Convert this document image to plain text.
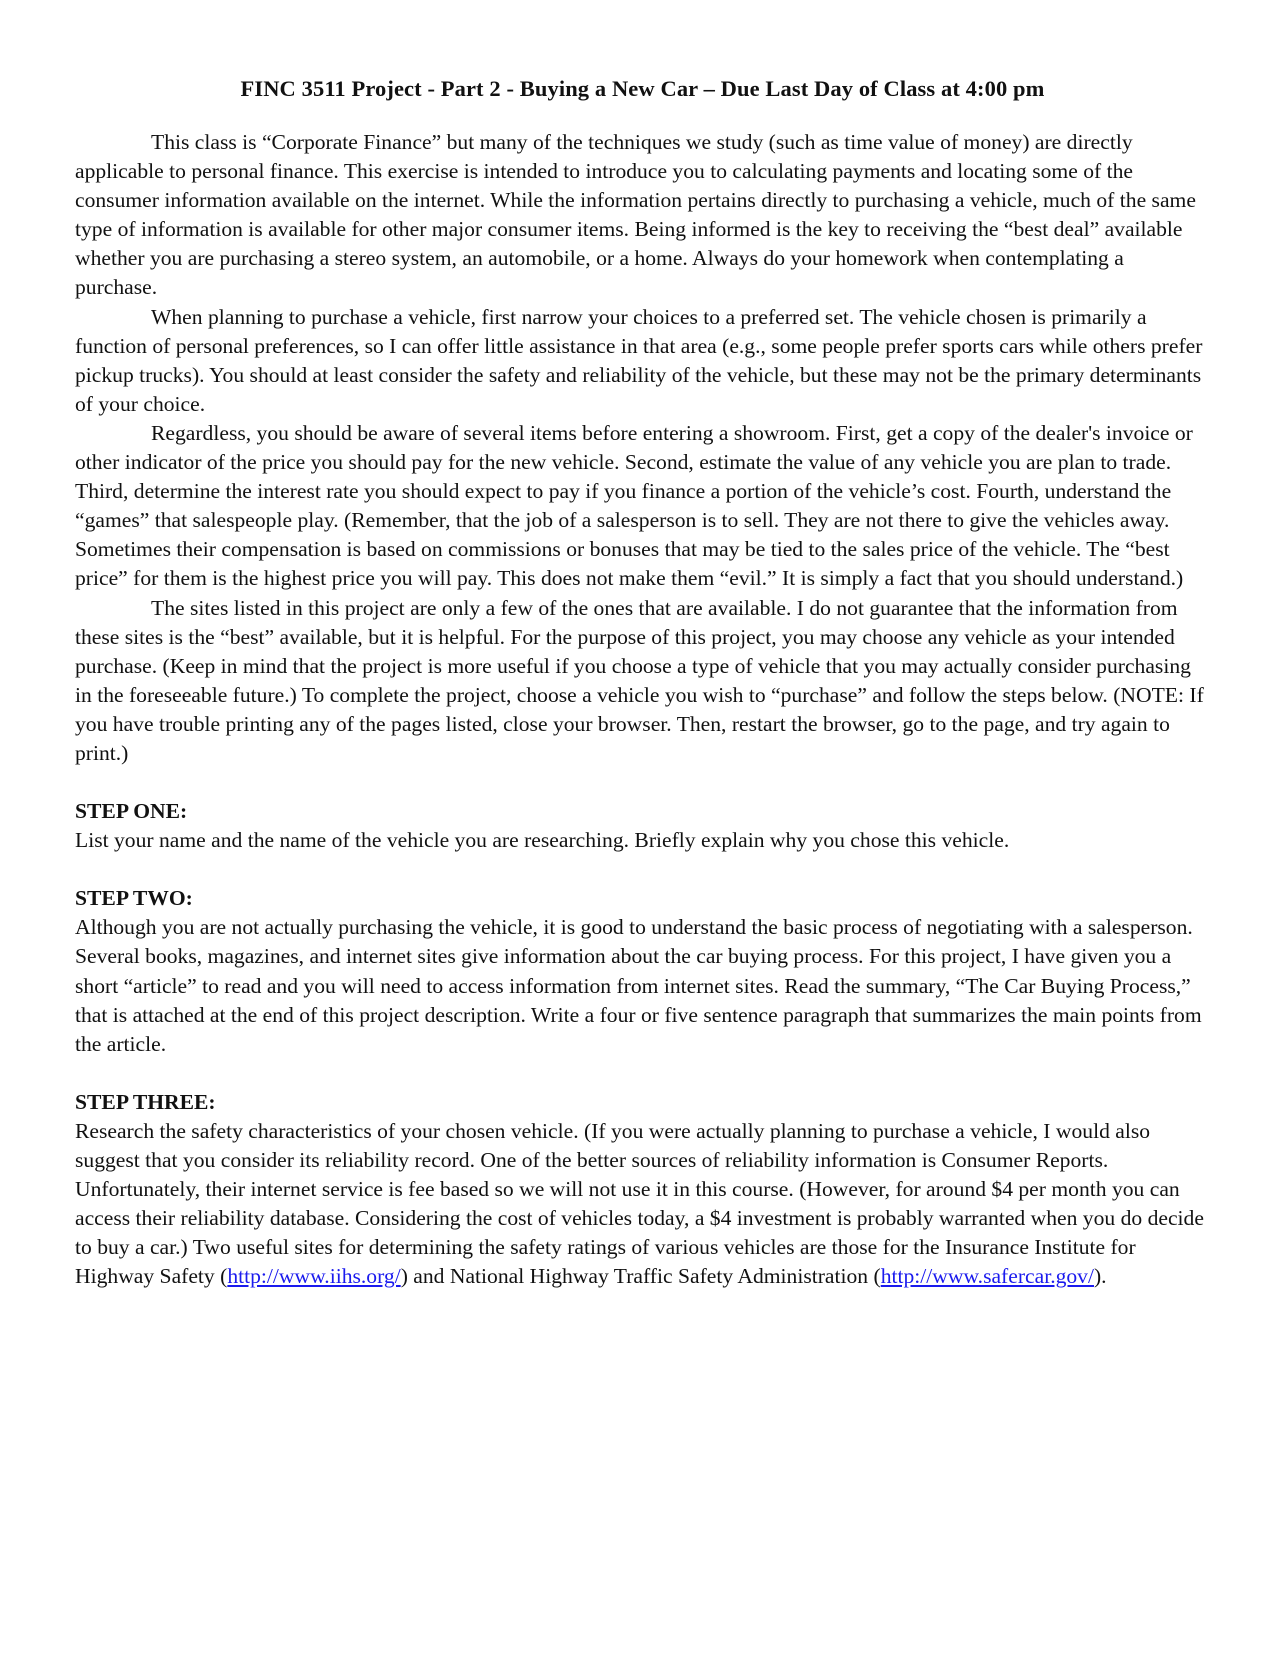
FINC 3511 Project - Part 2 - Buying a New Car – Due Last Day of Class at 4:00 pm

This class is “Corporate Finance” but many of the techniques we study (such as time value of money) are directly applicable to personal finance. This exercise is intended to introduce you to calculating payments and locating some of the consumer information available on the internet. While the information pertains directly to purchasing a vehicle, much of the same type of information is available for other major consumer items. Being informed is the key to receiving the “best deal” available whether you are purchasing a stereo system, an automobile, or a home. Always do your homework when contemplating a purchase.

When planning to purchase a vehicle, first narrow your choices to a preferred set. The vehicle chosen is primarily a function of personal preferences, so I can offer little assistance in that area (e.g., some people prefer sports cars while others prefer pickup trucks). You should at least consider the safety and reliability of the vehicle, but these may not be the primary determinants of your choice.

Regardless, you should be aware of several items before entering a showroom. First, get a copy of the dealer's invoice or other indicator of the price you should pay for the new vehicle. Second, estimate the value of any vehicle you are plan to trade. Third, determine the interest rate you should expect to pay if you finance a portion of the vehicle’s cost. Fourth, understand the “games” that salespeople play. (Remember, that the job of a salesperson is to sell. They are not there to give the vehicles away. Sometimes their compensation is based on commissions or bonuses that may be tied to the sales price of the vehicle. The “best price” for them is the highest price you will pay. This does not make them “evil.” It is simply a fact that you should understand.)

The sites listed in this project are only a few of the ones that are available. I do not guarantee that the information from these sites is the “best” available, but it is helpful. For the purpose of this project, you may choose any vehicle as your intended purchase. (Keep in mind that the project is more useful if you choose a type of vehicle that you may actually consider purchasing in the foreseeable future.) To complete the project, choose a vehicle you wish to “purchase” and follow the steps below. (NOTE: If you have trouble printing any of the pages listed, close your browser. Then, restart the browser, go to the page, and try again to print.)

STEP ONE:

List your name and the name of the vehicle you are researching. Briefly explain why you chose this vehicle.

STEP TWO:

Although you are not actually purchasing the vehicle, it is good to understand the basic process of negotiating with a salesperson. Several books, magazines, and internet sites give information about the car buying process. For this project, I have given you a short “article” to read and you will need to access information from internet sites. Read the summary, “The Car Buying Process,” that is attached at the end of this project description. Write a four or five sentence paragraph that summarizes the main points from the article.

STEP THREE:

Research the safety characteristics of your chosen vehicle. (If you were actually planning to purchase a vehicle, I would also suggest that you consider its reliability record. One of the better sources of reliability information is Consumer Reports. Unfortunately, their internet service is fee based so we will not use it in this course. (However, for around $4 per month you can access their reliability database. Considering the cost of vehicles today, a $4 investment is probably warranted when you do decide to buy a car.) Two useful sites for determining the safety ratings of various vehicles are those for the Insurance Institute for Highway Safety (http://www.iihs.org/) and National Highway Traffic Safety Administration (http://www.safercar.gov/).
